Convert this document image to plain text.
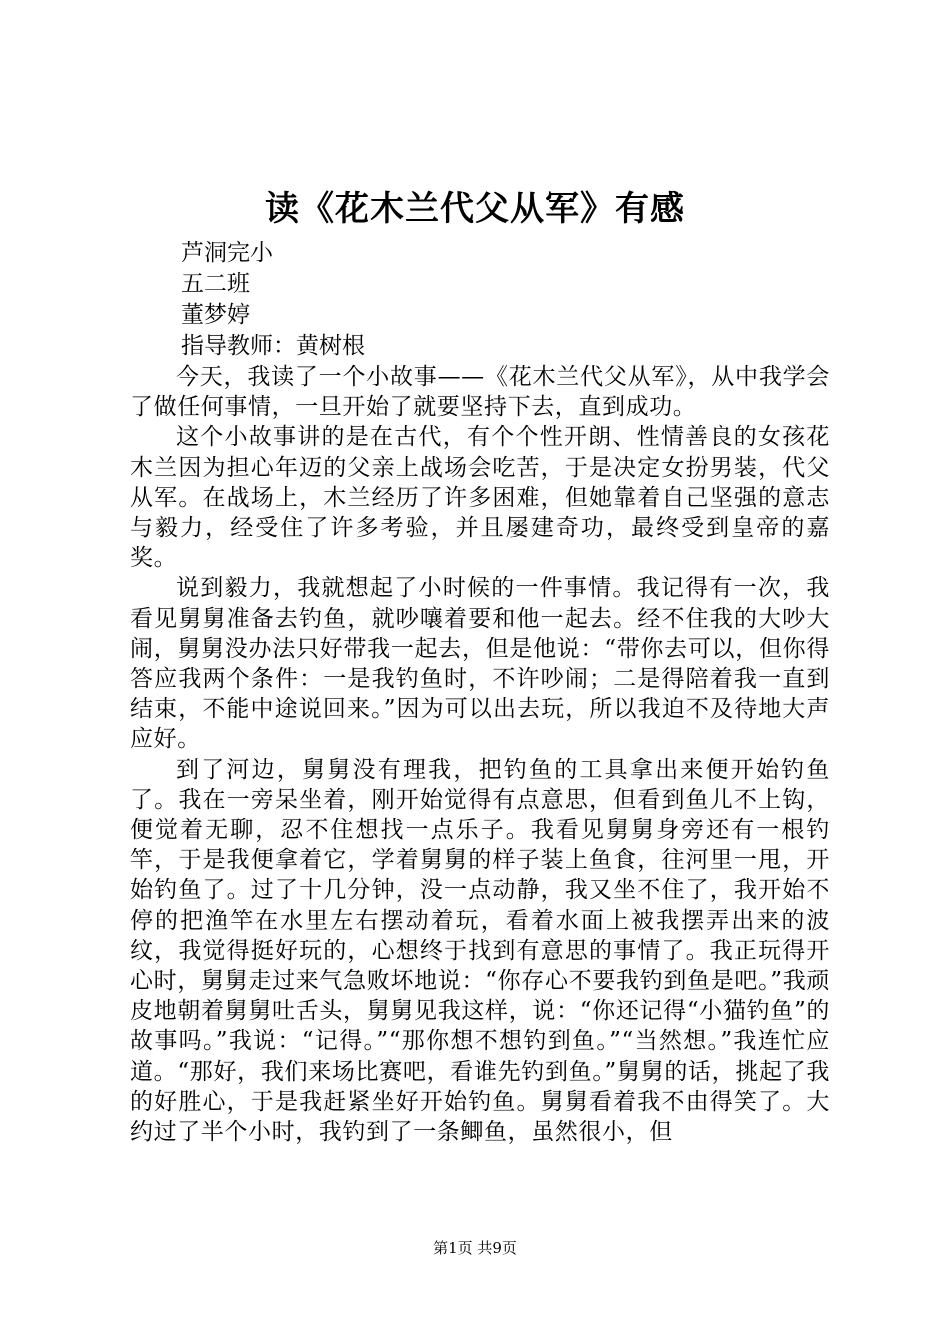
读《花木兰代父从军》有感
芦洞完小
五二班
董梦婷
指导教师：黄树根

今天，我读了一个小故事——《花木兰代父从军》，从中我学会了做任何事情，一旦开始了就要坚持下去，直到成功。

这个小故事讲的是在古代，有个个性开朗、性情善良的女孩花木兰因为担心年迈的父亲上战场会吃苦，于是决定女扮男装，代父从军。在战场上，木兰经历了许多困难，但她靠着自己坚强的意志与毅力，经受住了许多考验，并且屡建奇功，最终受到皇帝的嘉奖。

说到毅力，我就想起了小时候的一件事情。我记得有一次，我看见舅舅准备去钓鱼，就吵嚷着要和他一起去。经不住我的大吵大闹，舅舅没办法只好带我一起去，但是他说：“带你去可以，但你得答应我两个条件：一是我钓鱼时，不许吵闹；二是得陪着我一直到结束，不能中途说回来。”因为可以出去玩，所以我迫不及待地大声应好。

到了河边，舅舅没有理我，把钓鱼的工具拿出来便开始钓鱼了。我在一旁呆坐着，刚开始觉得有点意思，但看到鱼儿不上钩，便觉着无聊，忍不住想找一点乐子。我看见舅舅身旁还有一根钓竿，于是我便拿着它，学着舅舅的样子装上鱼食，往河里一甩，开始钓鱼了。过了十几分钟，没一点动静，我又坐不住了，我开始不停的把渔竿在水里左右摆动着玩，看着水面上被我摆弄出来的波纹，我觉得挺好玩的，心想终于找到有意思的事情了。我正玩得开心时，舅舅走过来气急败坏地说：“你存心不要我钓到鱼是吧。”我顽皮地朝着舅舅吐舌头，舅舅见我这样，说：“你还记得“小猫钓鱼”的故事吗。”我说：“记得。”“那你想不想钓到鱼。”“当然想。”我连忙应道。“那好，我们来场比赛吧，看谁先钓到鱼。”舅舅的话，挑起了我的好胜心，于是我赶紧坐好开始钓鱼。舅舅看着我不由得笑了。大约过了半个小时，我钓到了一条鲫鱼，虽然很小，但

第1页 共9页
